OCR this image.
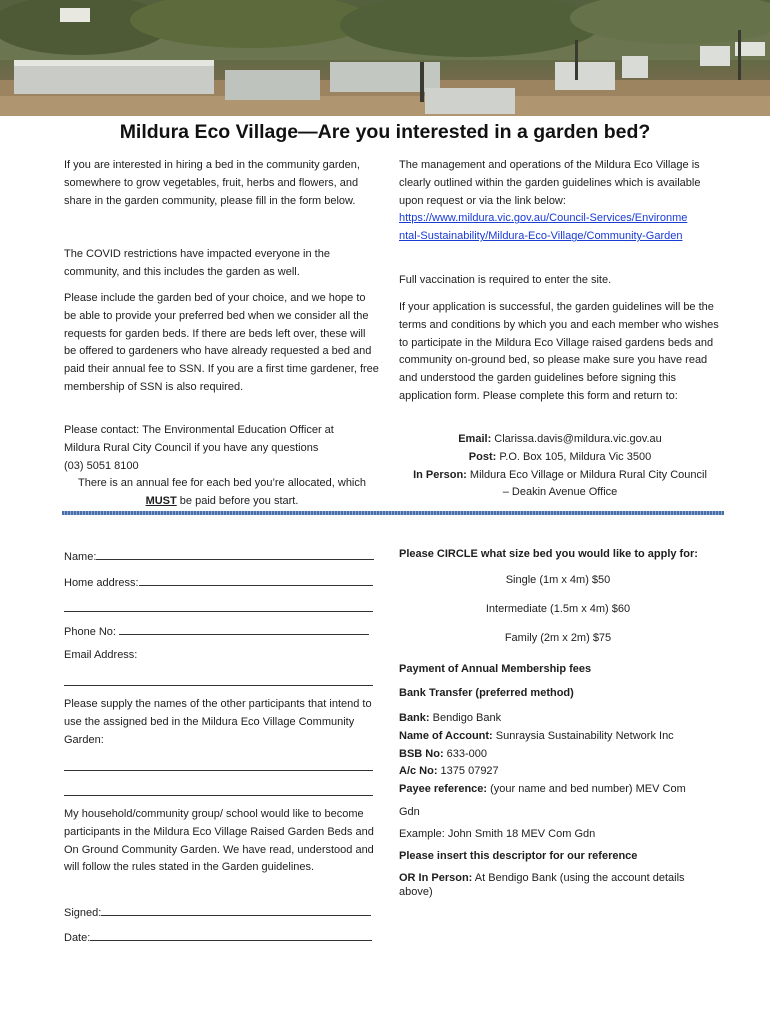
Mildura Eco Village—Are you interested in a garden bed?

If you are interested in hiring a bed in the community garden, somewhere to grow vegetables, fruit, herbs and flowers, and share in the garden community, please fill in the form below.

The COVID restrictions have impacted everyone in the community, and this includes the garden as well.

Please include the garden bed of your choice, and we hope to be able to provide your preferred bed when we consider all the requests for garden beds. If there are beds left over, these will be offered to gardeners who have already requested a bed and paid their annual fee to SSN. If you are a first time gardener, free membership of SSN is also required.

Please contact: The Environmental Education Officer at

Mildura Rural City Council if you have any questions

(03) 5051 8100

There is an annual fee for each bed you’re allocated, which

MUST be paid before you start.

The management and operations of the Mildura Eco Village is clearly outlined within the garden guidelines which is available upon request or via the link below:

https://www.mildura.vic.gov.au/Council-Services/Environmental-Sustainability/Mildura-Eco-Village/Community-Garden

Full vaccination is required to enter the site.

If your application is successful, the garden guidelines will be the terms and conditions by which you and each member who wishes to participate in the Mildura Eco Village raised gardens beds and community on-ground bed, so please make sure you have read and understood the garden guidelines before signing this application form. Please complete this form and return to:

Email: Clarissa.davis@mildura.vic.gov.au

Post: P.O. Box 105, Mildura Vic 3500

In Person: Mildura Eco Village or Mildura Rural City Council

– Deakin Avenue Office

Name:
Home address:
Phone No:
Email Address:

Please supply the names of the other participants that intend to use the assigned bed in the Mildura Eco Village Community Garden:

My household/community group/ school would like to become participants in the Mildura Eco Village Raised Garden Beds and On Ground Community Garden. We have read, understood and will follow the rules stated in the Garden guidelines.

Signed:
Date:
Please CIRCLE what size bed you would like to apply for:
Single (1m x 4m) $50
Intermediate (1.5m x 4m) $60
Family (2m x 2m) $75
Payment of Annual Membership fees
Bank Transfer (preferred method)
Bank: Bendigo Bank
Name of Account: Sunraysia Sustainability Network Inc
BSB No: 633-000
A/c No: 1375 07927
Payee reference: (your name and bed number) MEV Com
Gdn
Example: John Smith 18 MEV Com Gdn
Please insert this descriptor for our reference
OR In Person: At Bendigo Bank (using the account details above)
